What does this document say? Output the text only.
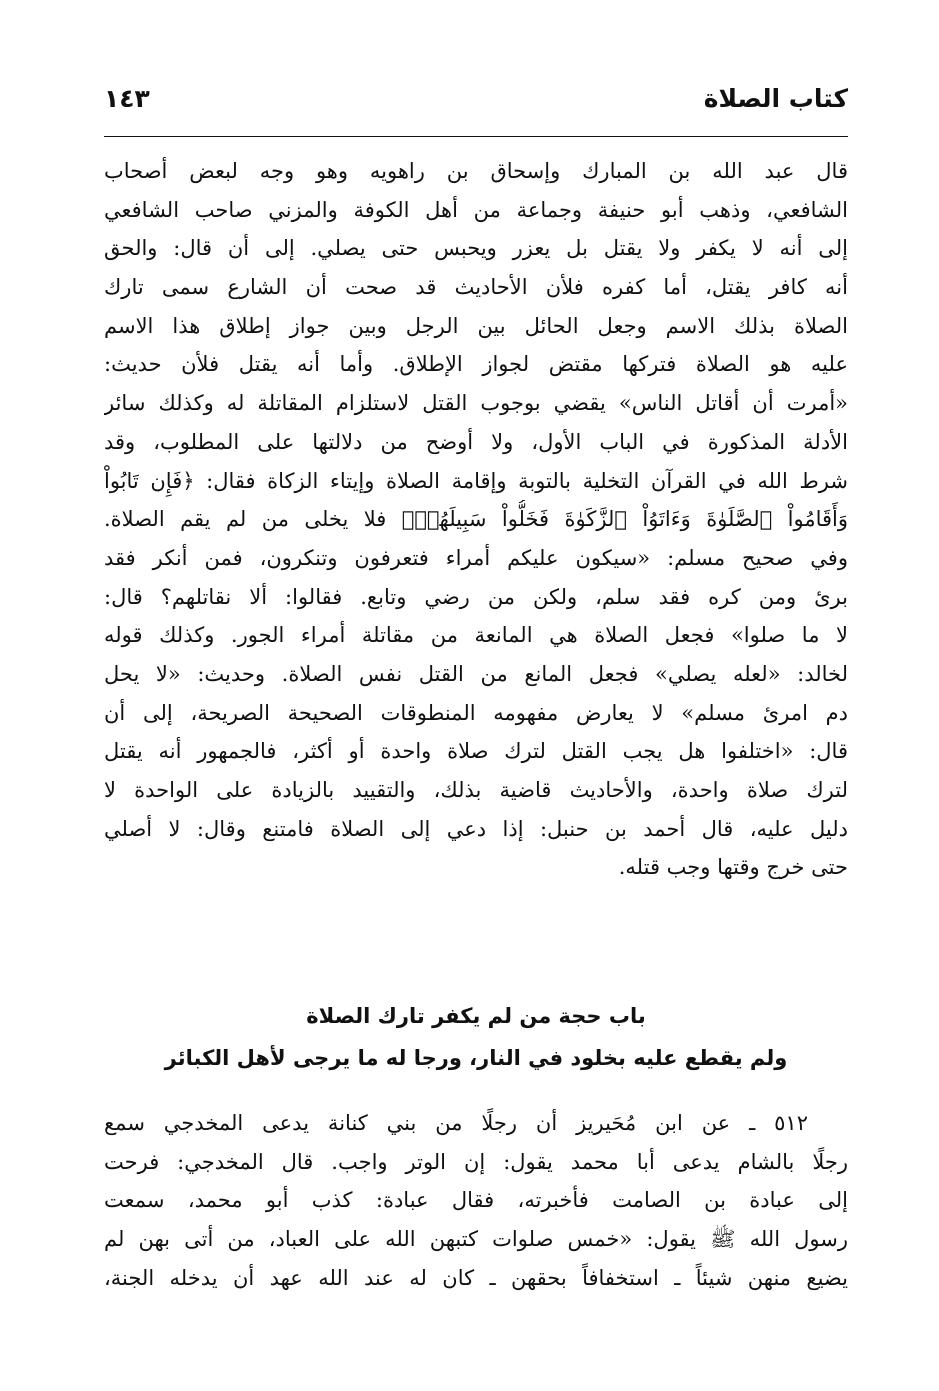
كتاب الصلاة
١٤٣
قال عبد الله بن المبارك وإسحاق بن راهويه وهو وجه لبعض أصحاب
الشافعي، وذهب أبو حنيفة وجماعة من أهل الكوفة والمزني صاحب الشافعي
إلى أنه لا يكفر ولا يقتل بل يعزر ويحبس حتى يصلي. إلى أن قال: والحق
أنه كافر يقتل، أما كفره فلأن الأحاديث قد صحت أن الشارع سمى تارك
الصلاة بذلك الاسم وجعل الحائل بين الرجل وبين جواز إطلاق هذا الاسم
عليه هو الصلاة فتركها مقتض لجواز الإطلاق. وأما أنه يقتل فلأن حديث:
«أمرت أن أقاتل الناس» يقضي بوجوب القتل لاستلزام المقاتلة له وكذلك سائر
الأدلة المذكورة في الباب الأول، ولا أوضح من دلالتها على المطلوب، وقد
شرط الله في القرآن التخلية بالتوبة وإقامة الصلاة وإيتاء الزكاة فقال: ﴿فَإِن تَابُواْ
وَأَقَامُواْ ٱلصَّلَوٰةَ وَءَاتَوُاْ ٱلزَّكَوٰةَ فَخَلُّواْ سَبِيلَهُمۡ﴾ فلا يخلى من لم يقم الصلاة.
وفي صحيح مسلم: «سيكون عليكم أمراء فتعرفون وتنكرون، فمن أنكر فقد
برئ ومن كره فقد سلم، ولكن من رضي وتابع. فقالوا: ألا نقاتلهم؟ قال:
لا ما صلوا» فجعل الصلاة هي المانعة من مقاتلة أمراء الجور. وكذلك قوله
لخالد: «لعله يصلي» فجعل المانع من القتل نفس الصلاة. وحديث: «لا يحل
دم امرئ مسلم» لا يعارض مفهومه المنطوقات الصحيحة الصريحة، إلى أن
قال: «اختلفوا هل يجب القتل لترك صلاة واحدة أو أكثر، فالجمهور أنه يقتل
لترك صلاة واحدة، والأحاديث قاضية بذلك، والتقييد بالزيادة على الواحدة لا
دليل عليه، قال أحمد بن حنبل: إذا دعي إلى الصلاة فامتنع وقال: لا أصلي
حتى خرج وقتها وجب قتله.
باب حجة من لم يكفر تارك الصلاة
ولم يقطع عليه بخلود في النار، ورجا له ما يرجى لأهل الكبائر
٥١٢ ـ عن ابن مُحَيريز أن رجلًا من بني كنانة يدعى المخدجي سمع
رجلًا بالشام يدعى أبا محمد يقول: إن الوتر واجب. قال المخدجي: فرحت
إلى عبادة بن الصامت فأخبرته، فقال عبادة: كذب أبو محمد، سمعت
رسول الله ﷺ يقول: «خمس صلوات كتبهن الله على العباد، من أتى بهن لم
يضيع منهن شيئاً ـ استخفافاً بحقهن ـ كان له عند الله عهد أن يدخله الجنة،
